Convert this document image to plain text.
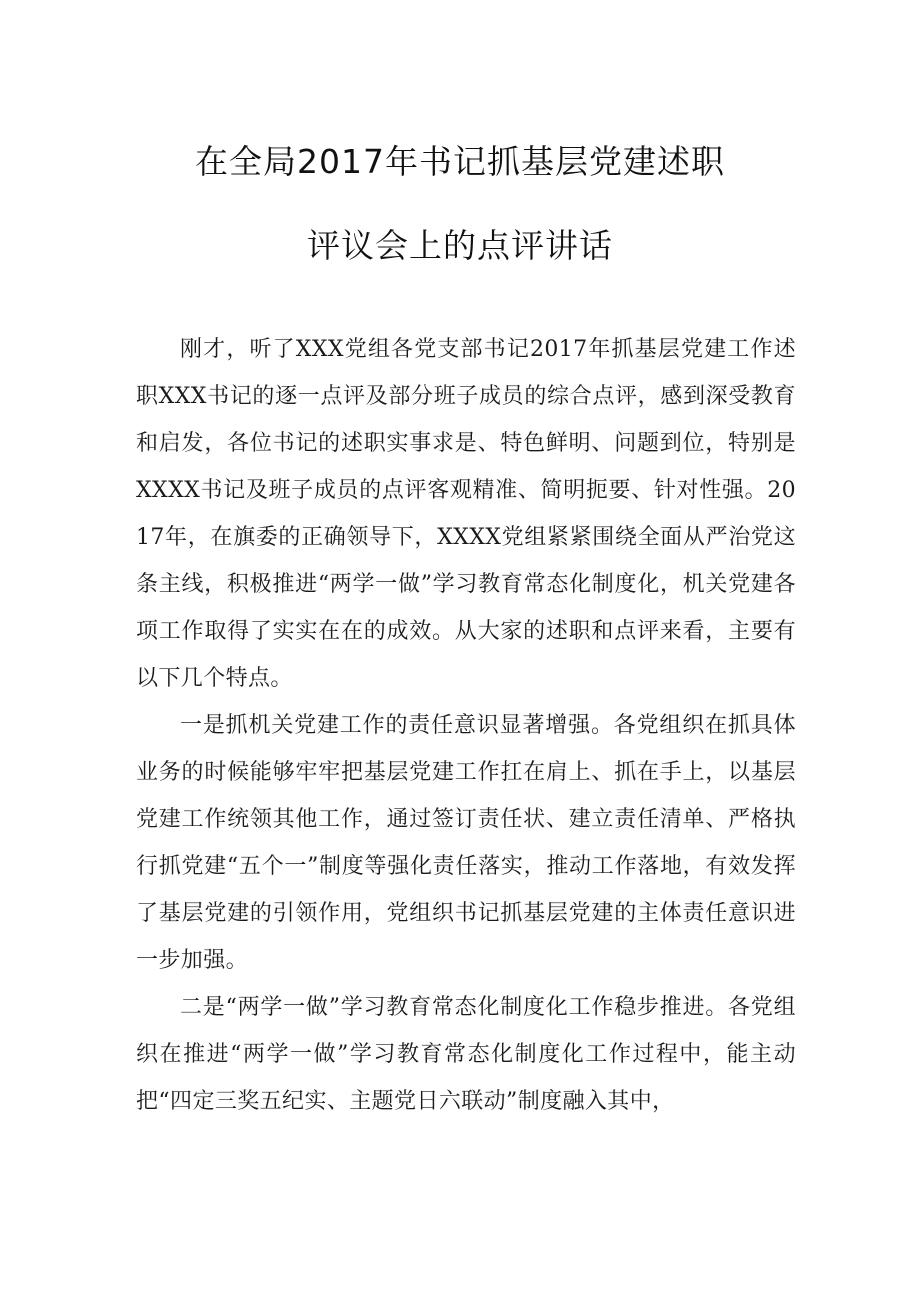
在全局2017年书记抓基层党建述职
评议会上的点评讲话

刚才，听了XXX党组各党支部书记2017年抓基层党建工作述职XXX书记的逐一点评及部分班子成员的综合点评，感到深受教育和启发，各位书记的述职实事求是、特色鲜明、问题到位，特别是XXXX书记及班子成员的点评客观精准、简明扼要、针对性强。2017年，在旗委的正确领导下，XXXX党组紧紧围绕全面从严治党这条主线，积极推进“两学一做”学习教育常态化制度化，机关党建各项工作取得了实实在在的成效。从大家的述职和点评来看，主要有以下几个特点。

一是抓机关党建工作的责任意识显著增强。各党组织在抓具体业务的时候能够牢牢把基层党建工作扛在肩上、抓在手上，以基层党建工作统领其他工作，通过签订责任状、建立责任清单、严格执行抓党建“五个一”制度等强化责任落实，推动工作落地，有效发挥了基层党建的引领作用，党组织书记抓基层党建的主体责任意识进一步加强。

二是“两学一做”学习教育常态化制度化工作稳步推进。各党组织在推进“两学一做”学习教育常态化制度化工作过程中，能主动把“四定三奖五纪实、主题党日六联动”制度融入其中，
